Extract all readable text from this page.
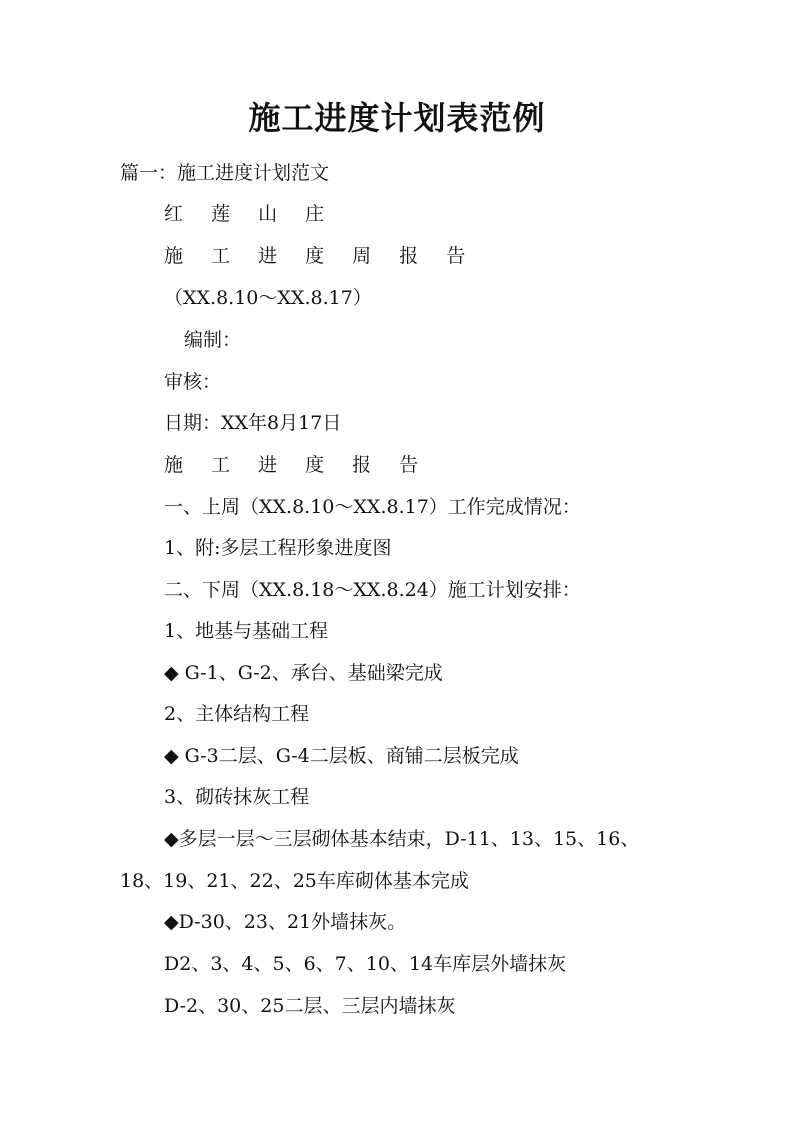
施工进度计划表范例

篇一：施工进度计划范文

红 莲 山 庄

施 工 进 度 周 报 告

（XX.8.10～XX.8.17）

编制：

审核：

日期：XX年8月17日

施 工 进 度 报 告

一、上周（XX.8.10～XX.8.17）工作完成情况：

1、附:多层工程形象进度图

二、下周（XX.8.18～XX.8.24）施工计划安排：

1、地基与基础工程

◆ G-1、G-2、承台、基础梁完成

2、主体结构工程

◆ G-3二层、G-4二层板、商铺二层板完成

3、砌砖抹灰工程

◆多层一层～三层砌体基本结束，D-11、13、15、16、

18、19、21、22、25车库砌体基本完成

◆D-30、23、21外墙抹灰。

D2、3、4、5、6、7、10、14车库层外墙抹灰

D-2、30、25二层、三层内墙抹灰
